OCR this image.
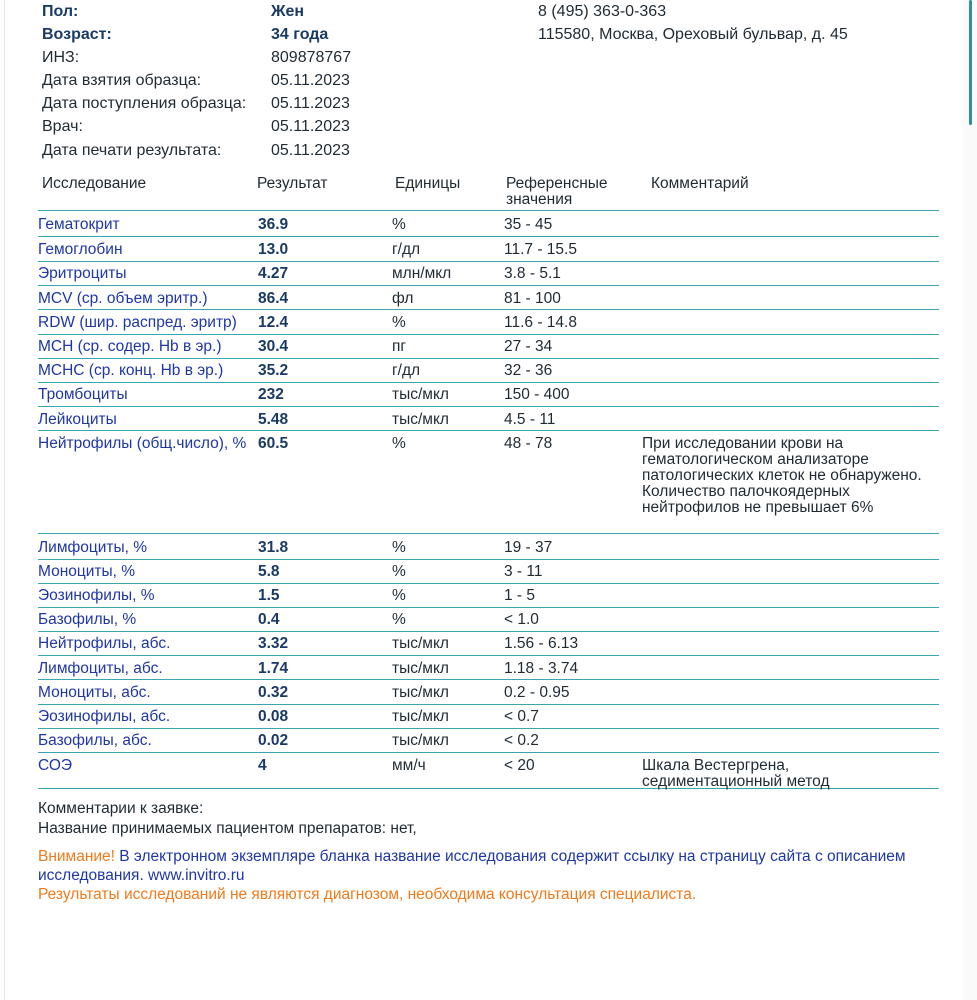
Пол:	Жен
Возраст:	34 года
ИНЗ:	809878767
Дата взятия образца:	05.11.2023
Дата поступления образца: 05.11.2023
Врач:	05.11.2023
Дата печати результата:	05.11.2023
8 (495) 363-0-363
115580, Москва, Ореховый бульвар, д. 45
Исследование	Результат	Единицы	Референсные
значения
Комментарий
Гематокрит	36.9	%	35 - 45
Гемоглобин	13.0	г/дл	11.7 - 15.5
Эритроциты	4.27	млн/мкл	3.8 - 5.1
MCV (ср. объем эритр.)	86.4	фл	81 - 100
RDW (шир. распред. эритр)	12.4	%	11.6 - 14.8
MCH (ср. содер. Hb в эр.)	30.4	пг	27 - 34
MCHC (ср. конц. Hb в эр.)	35.2	г/дл	32 - 36
Тромбоциты	232	тыс/мкл	150 - 400
Лейкоциты	5.48	тыс/мкл	4.5 - 11
Нейтрофилы (общ.число), % 60.5	%	48 - 78	При исследовании крови на гематологическом анализаторе патологических клеток не обнаружено. Количество палочкоядерных нейтрофилов не превышает 6%
Лимфоциты, %	31.8	%	19 - 37
Моноциты, %	5.8	%	3 - 11
Эозинофилы, %	1.5	%	1 - 5
Базофилы, %	0.4	%	< 1.0
Нейтрофилы, абс.	3.32	тыс/мкл	1.56 - 6.13
Лимфоциты, абс.	1.74	тыс/мкл	1.18 - 3.74
Моноциты, абс.	0.32	тыс/мкл	0.2 - 0.95
Эозинофилы, абс.	0.08	тыс/мкл	< 0.7
Базофилы, абс.	0.02	тыс/мкл	< 0.2
СОЭ	4	мм/ч	< 20	Шкала Вестергрена, седиментационный метод
Комментарии к заявке:
Название принимаемых пациентом препаратов: нет,
Внимание! В электронном экземпляре бланка название исследования содержит ссылку на страницу сайта с описанием исследования. www.invitro.ru
Результаты исследований не являются диагнозом, необходима консультация специалиста.
